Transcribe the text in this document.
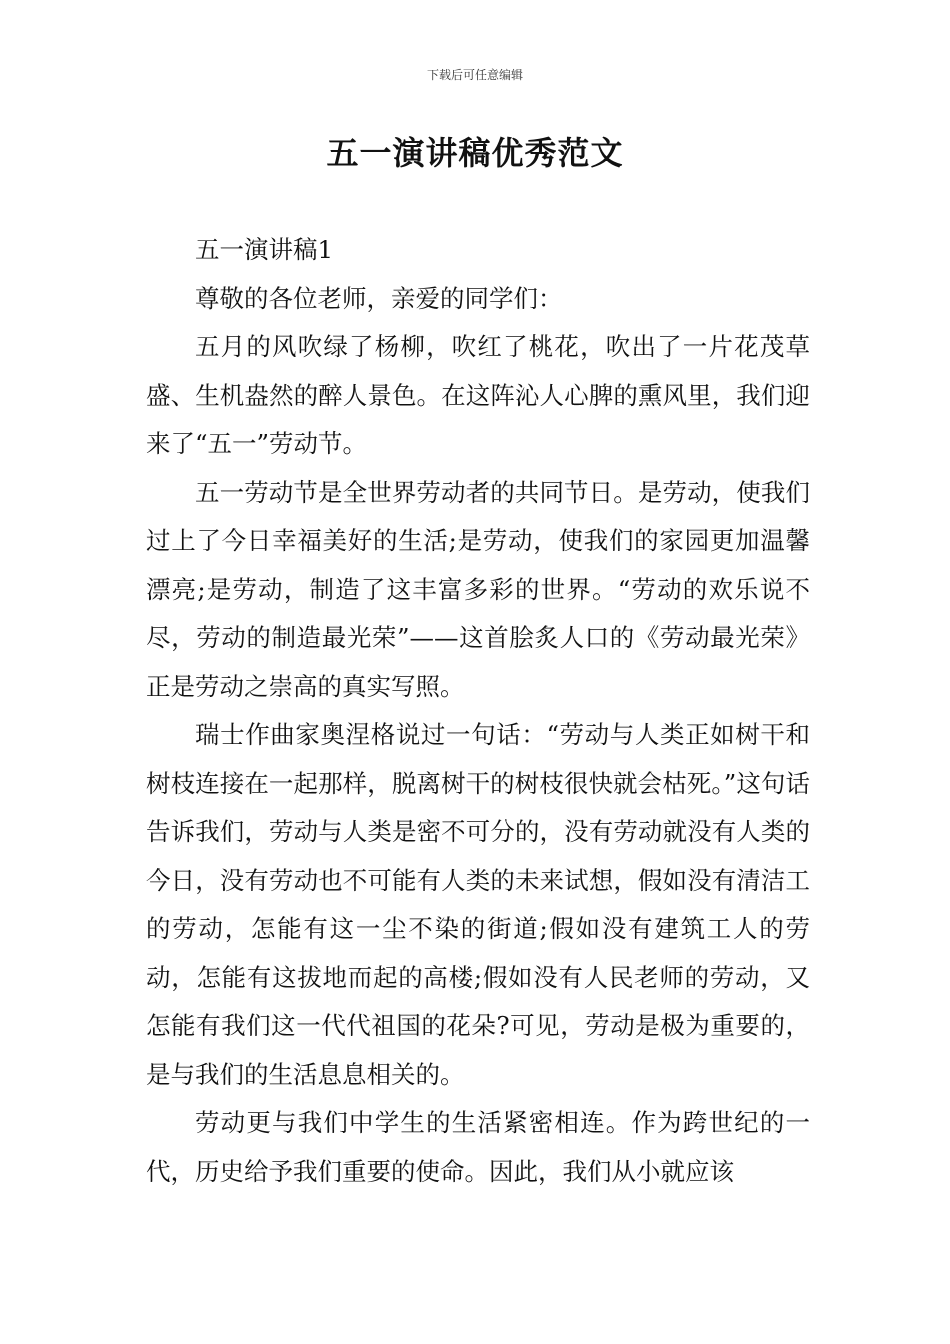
下载后可任意编辑
五一演讲稿优秀范文

五一演讲稿1

尊敬的各位老师，亲爱的同学们：

五月的风吹绿了杨柳，吹红了桃花，吹出了一片花茂草盛、生机盎然的醉人景色。在这阵沁人心脾的熏风里，我们迎来了“五一”劳动节。

五一劳动节是全世界劳动者的共同节日。是劳动，使我们过上了今日幸福美好的生活;是劳动，使我们的家园更加温馨漂亮;是劳动，制造了这丰富多彩的世界。“劳动的欢乐说不尽，劳动的制造最光荣”——这首脍炙人口的《劳动最光荣》正是劳动之崇高的真实写照。

瑞士作曲家奥涅格说过一句话：“劳动与人类正如树干和树枝连接在一起那样，脱离树干的树枝很快就会枯死。”这句话告诉我们，劳动与人类是密不可分的，没有劳动就没有人类的今日，没有劳动也不可能有人类的未来试想，假如没有清洁工的劳动，怎能有这一尘不染的街道;假如没有建筑工人的劳动，怎能有这拔地而起的高楼;假如没有人民老师的劳动，又怎能有我们这一代代祖国的花朵?可见，劳动是极为重要的，是与我们的生活息息相关的。

劳动更与我们中学生的生活紧密相连。作为跨世纪的一代，历史给予我们重要的使命。因此，我们从小就应该
